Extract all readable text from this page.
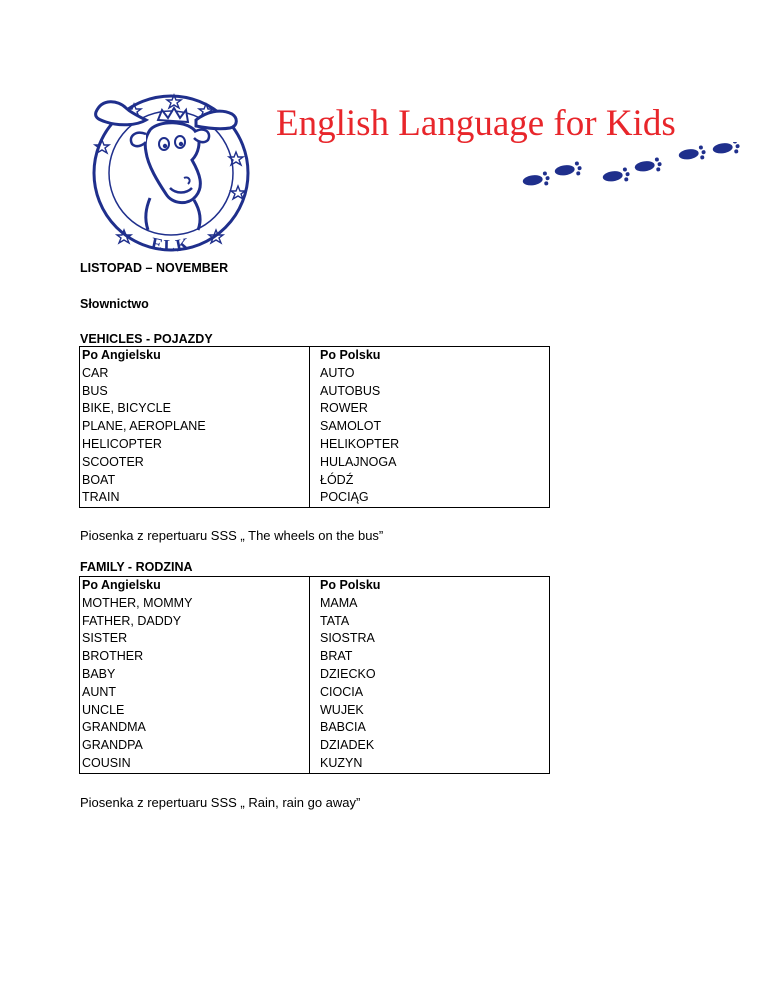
ELK
English Language for Kids
LISTOPAD – NOVEMBER
Słownictwo
VEHICLES - POJAZDY
Po Angielsku	Po Polsku
CAR	AUTO
BUS	AUTOBUS
BIKE, BICYCLE	ROWER
PLANE, AEROPLANE	SAMOLOT
HELICOPTER	HELIKOPTER
SCOOTER	HULAJNOGA
BOAT	ŁÓDŹ
TRAIN	POCIĄG
Piosenka z repertuaru SSS „ The wheels on the bus”
FAMILY - RODZINA
Po Angielsku	Po Polsku
MOTHER, MOMMY	MAMA
FATHER, DADDY	TATA
SISTER	SIOSTRA
BROTHER	BRAT
BABY	DZIECKO
AUNT	CIOCIA
UNCLE	WUJEK
GRANDMA	BABCIA
GRANDPA	DZIADEK
COUSIN	KUZYN
Piosenka z repertuaru SSS „ Rain, rain go away”
